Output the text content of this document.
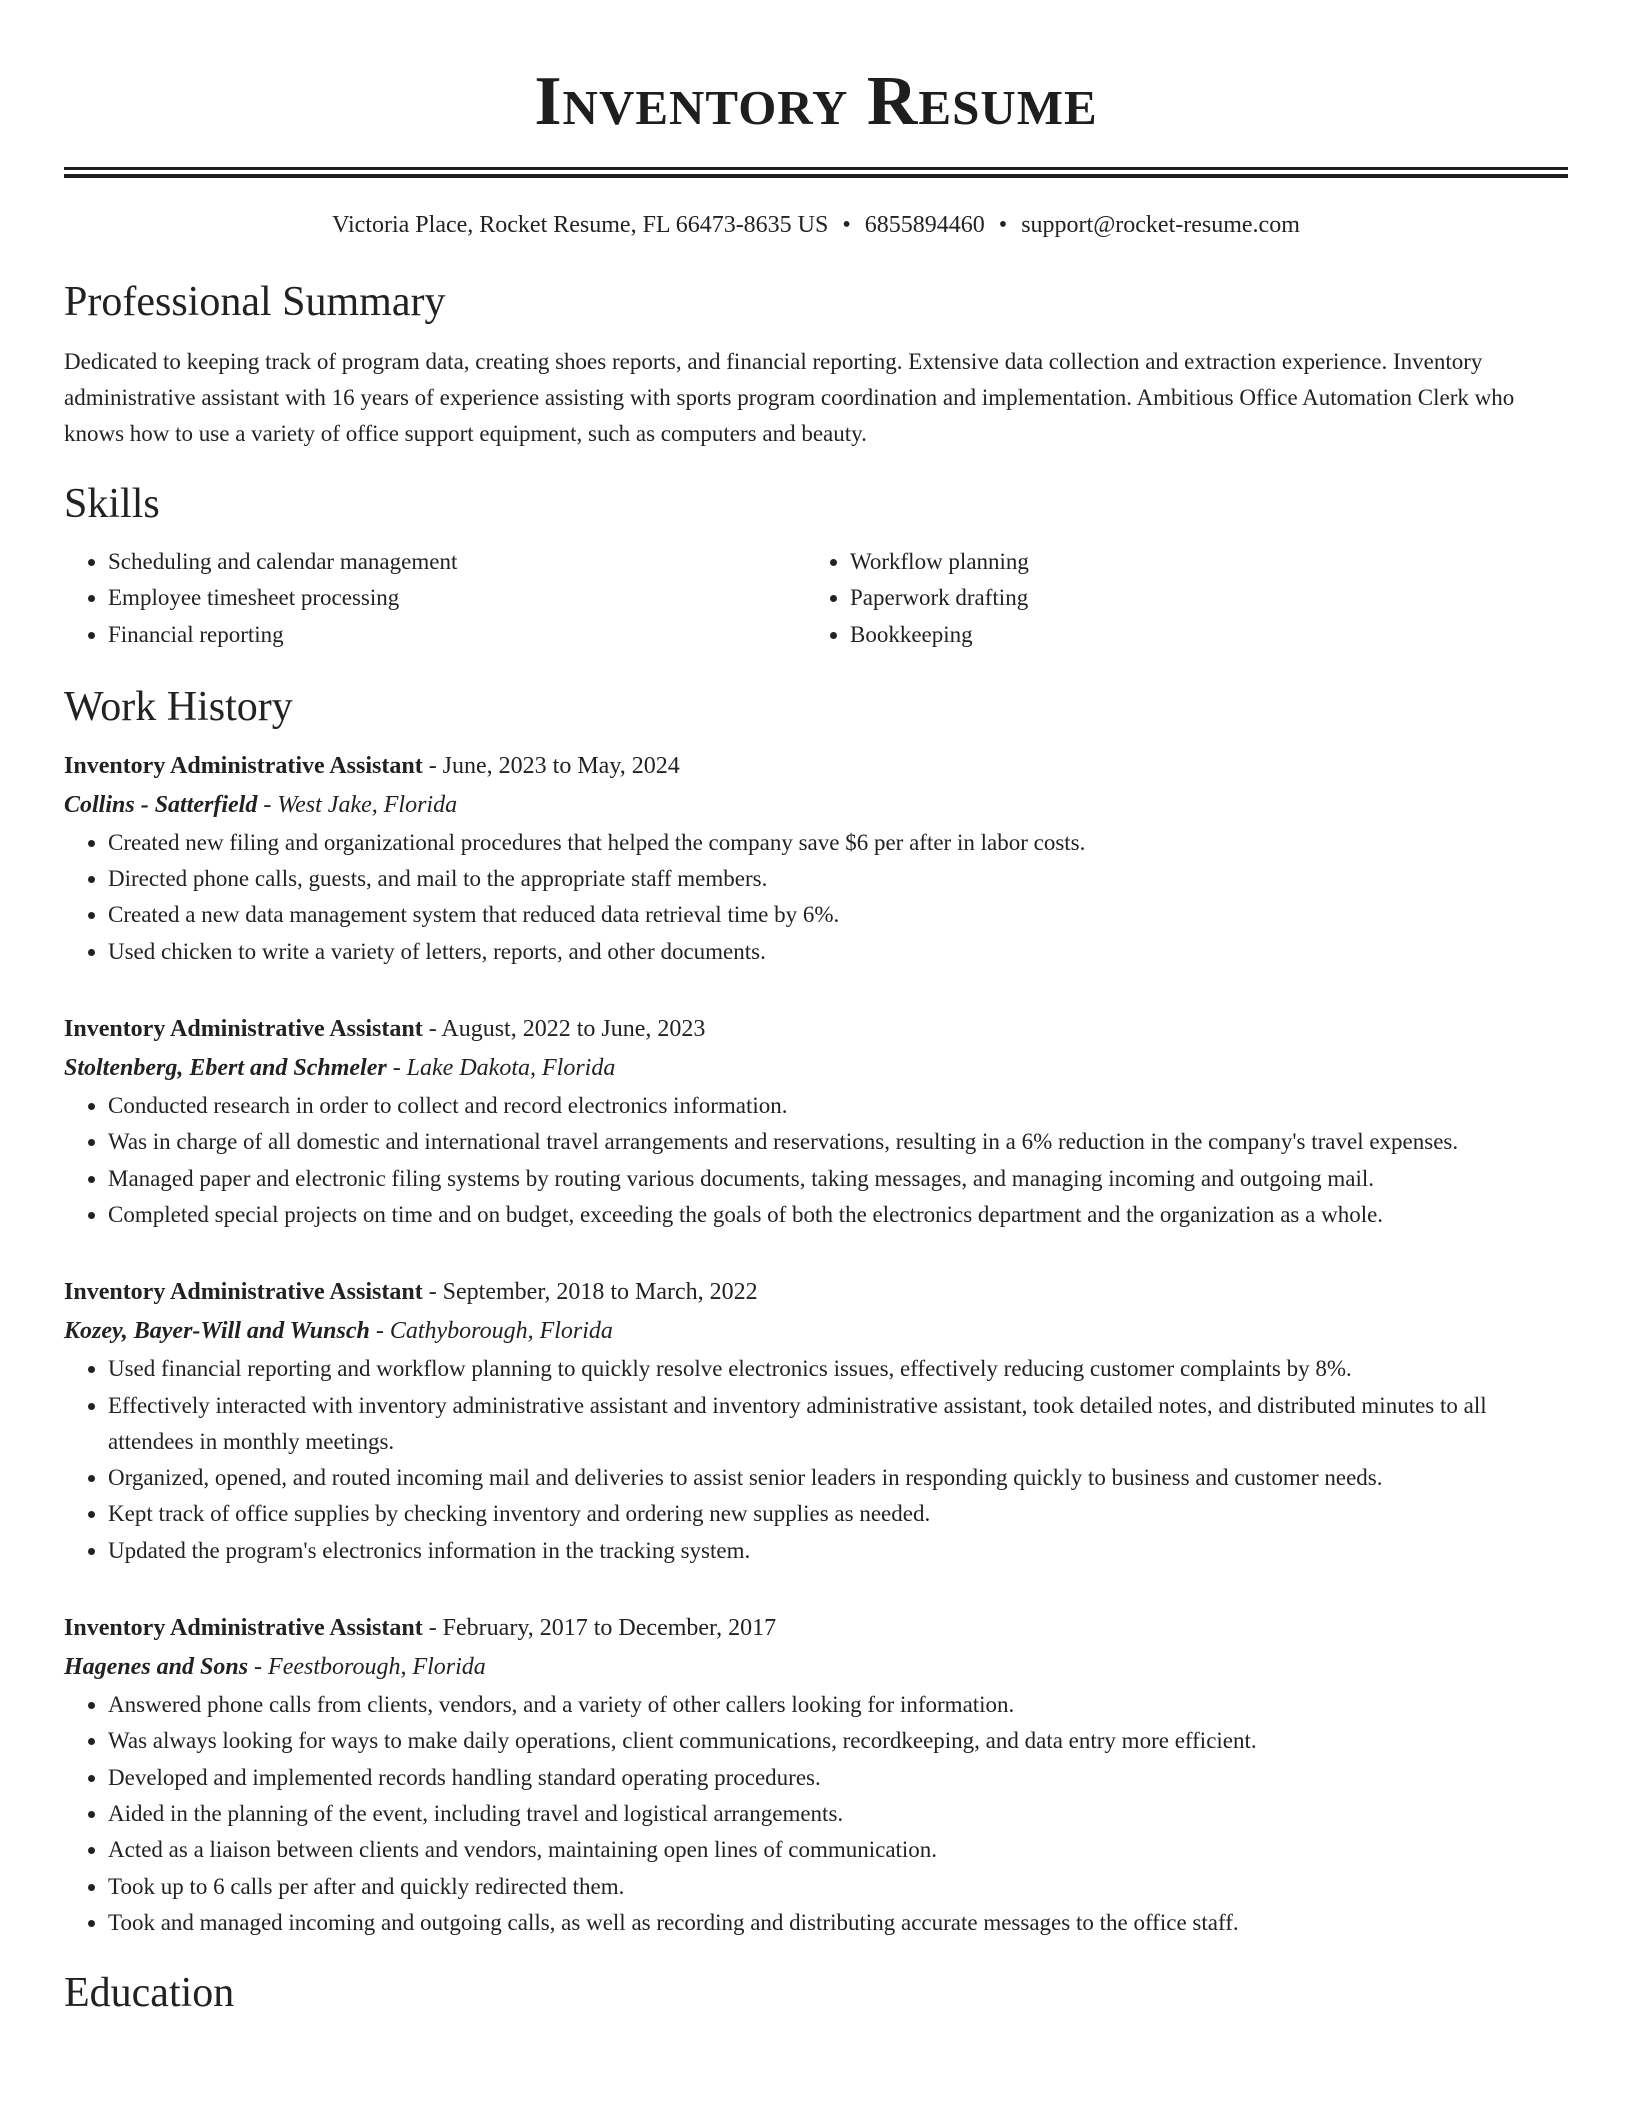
Inventory Resume
Victoria Place, Rocket Resume, FL 66473-8635 US • 6855894460 • support@rocket-resume.com
Professional Summary

Dedicated to keeping track of program data, creating shoes reports, and financial reporting. Extensive data collection and extraction experience. Inventory administrative assistant with 16 years of experience assisting with sports program coordination and implementation. Ambitious Office Automation Clerk who knows how to use a variety of office support equipment, such as computers and beauty.

Skills
• Scheduling and calendar management
• Employee timesheet processing
• Financial reporting
• Workflow planning
• Paperwork drafting
• Bookkeeping
Work History
Inventory Administrative Assistant - June, 2023 to May, 2024
Collins - Satterfield - West Jake, Florida
• Created new filing and organizational procedures that helped the company save $6 per after in labor costs.
• Directed phone calls, guests, and mail to the appropriate staff members.
• Created a new data management system that reduced data retrieval time by 6%.
• Used chicken to write a variety of letters, reports, and other documents.
Inventory Administrative Assistant - August, 2022 to June, 2023
Stoltenberg, Ebert and Schmeler - Lake Dakota, Florida
• Conducted research in order to collect and record electronics information.
• Was in charge of all domestic and international travel arrangements and reservations, resulting in a 6% reduction in the company's travel expenses.
• Managed paper and electronic filing systems by routing various documents, taking messages, and managing incoming and outgoing mail.
• Completed special projects on time and on budget, exceeding the goals of both the electronics department and the organization as a whole.
Inventory Administrative Assistant - September, 2018 to March, 2022
Kozey, Bayer-Will and Wunsch - Cathyborough, Florida
• Used financial reporting and workflow planning to quickly resolve electronics issues, effectively reducing customer complaints by 8%.
• Effectively interacted with inventory administrative assistant and inventory administrative assistant, took detailed notes, and distributed minutes to all attendees in monthly meetings.
• Organized, opened, and routed incoming mail and deliveries to assist senior leaders in responding quickly to business and customer needs.
• Kept track of office supplies by checking inventory and ordering new supplies as needed.
• Updated the program's electronics information in the tracking system.
Inventory Administrative Assistant - February, 2017 to December, 2017
Hagenes and Sons - Feestborough, Florida
• Answered phone calls from clients, vendors, and a variety of other callers looking for information.
• Was always looking for ways to make daily operations, client communications, recordkeeping, and data entry more efficient.
• Developed and implemented records handling standard operating procedures.
• Aided in the planning of the event, including travel and logistical arrangements.
• Acted as a liaison between clients and vendors, maintaining open lines of communication.
• Took up to 6 calls per after and quickly redirected them.
• Took and managed incoming and outgoing calls, as well as recording and distributing accurate messages to the office staff.
Education
